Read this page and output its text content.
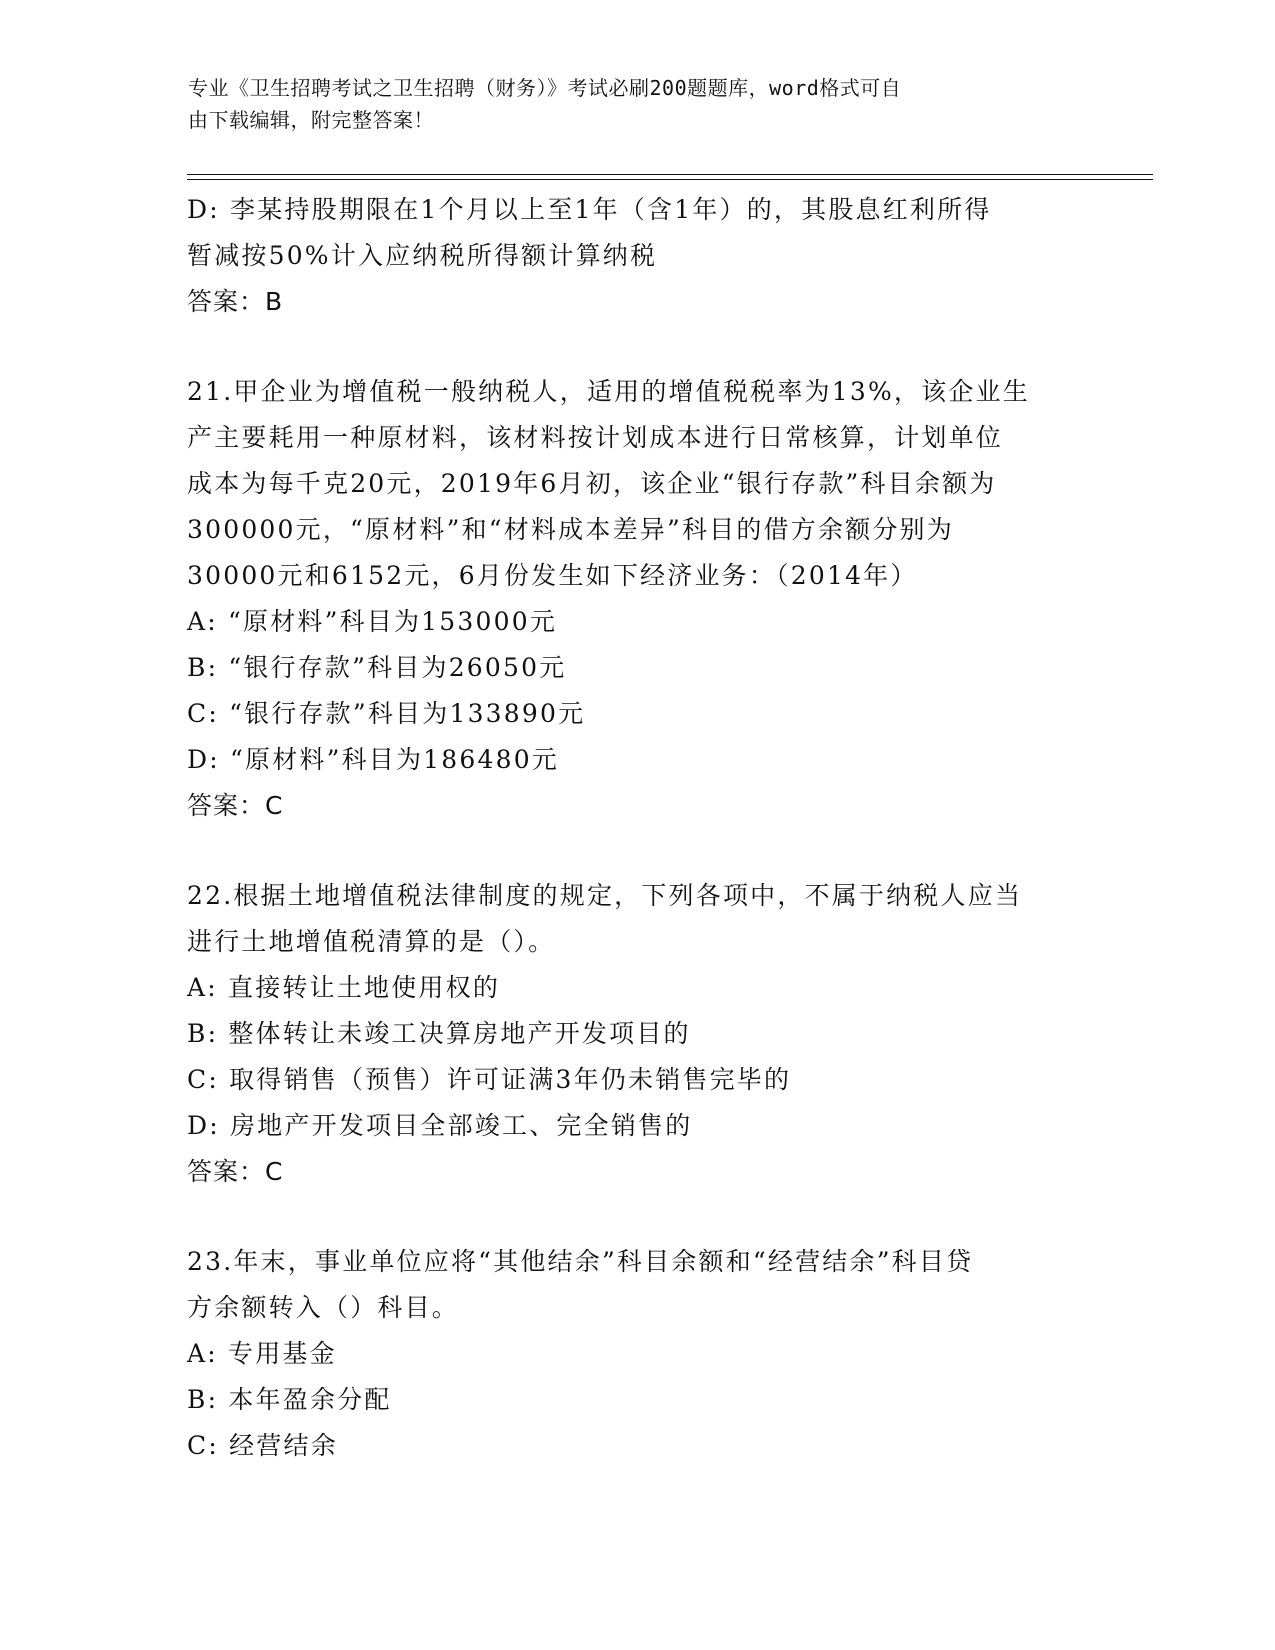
专业《卫生招聘考试之卫生招聘（财务）》考试必刷200题题库，word格式可自
由下载编辑，附完整答案！
D: 李某持股期限在1个月以上至1年（含1年）的，其股息红利所得
暂减按50%计入应纳税所得额计算纳税
答案：B
21.甲企业为增值税一般纳税人，适用的增值税税率为13%，该企业生
产主要耗用一种原材料，该材料按计划成本进行日常核算，计划单位
成本为每千克20元，2019年6月初，该企业“银行存款”科目余额为
300000元，“原材料”和“材料成本差异”科目的借方余额分别为
30000元和6152元，6月份发生如下经济业务：（2014年）
A: “原材料”科目为153000元
B: “银行存款”科目为26050元
C: “银行存款”科目为133890元
D: “原材料”科目为186480元
答案：C
22.根据土地增值税法律制度的规定，下列各项中，不属于纳税人应当
进行土地增值税清算的是（）。
A: 直接转让土地使用权的
B: 整体转让未竣工决算房地产开发项目的
C: 取得销售（预售）许可证满3年仍未销售完毕的
D: 房地产开发项目全部竣工、完全销售的
答案：C
23.年末，事业单位应将“其他结余”科目余额和“经营结余”科目贷
方余额转入（）科目。
A: 专用基金
B: 本年盈余分配
C: 经营结余
